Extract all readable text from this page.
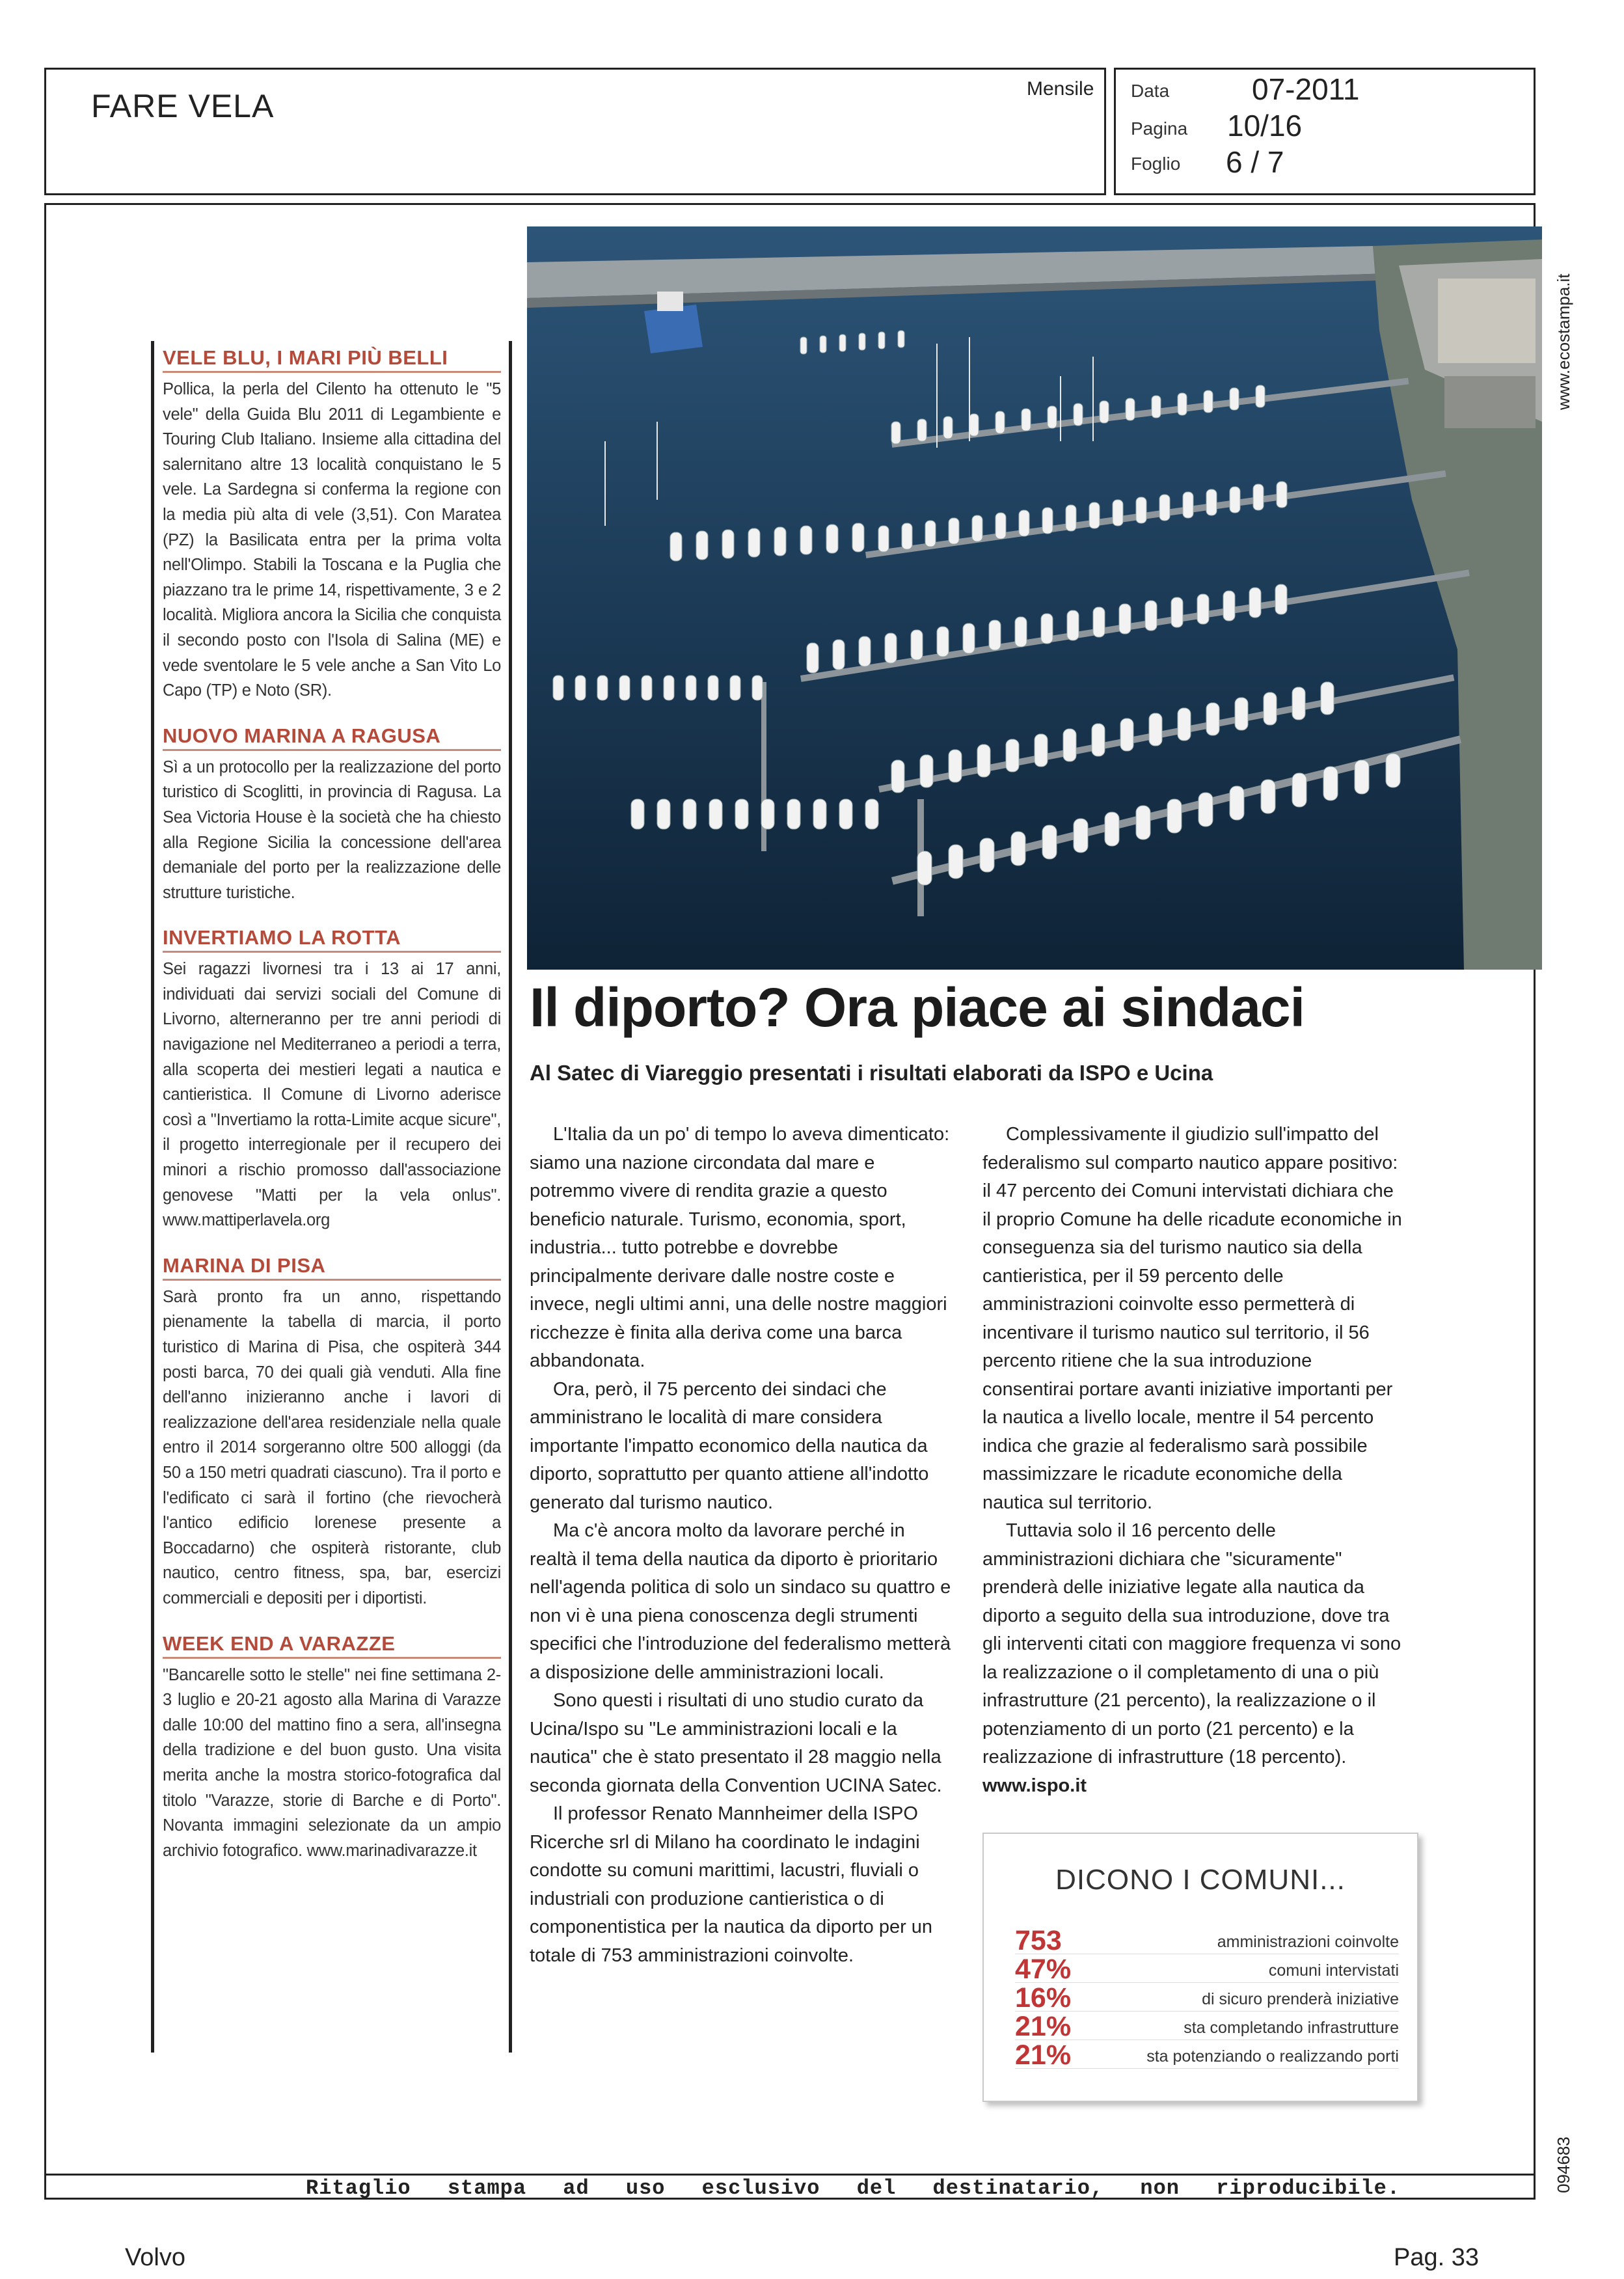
FARE VELA	Mensile Data	07-2011
Pagina 10/16
Foglio 6 / 7
www.ecostampa.it
094683
VELE BLU, I MARI PIÙ BELLI
Pollica, la perla del Cilento ha ottenuto le "5 vele" della Guida Blu 2011 di Legambiente e Touring Club Italiano. Insieme alla cittadina del salernitano altre 13 località conquistano le 5 vele. La Sardegna si conferma la regione con la media più alta di vele (3,51). Con Maratea (PZ) la Basilicata entra per la prima volta nell'Olimpo. Stabili la Toscana e la Puglia che piazzano tra le prime 14, rispettivamente, 3 e 2 località. Migliora ancora la Sicilia che conquista il secondo posto con l'Isola di Salina (ME) e vede sventolare le 5 vele anche a San Vito Lo Capo (TP) e Noto (SR).
NUOVO MARINA A RAGUSA
Sì a un protocollo per la realizzazione del porto turistico di Scoglitti, in provincia di Ragusa. La Sea Victoria House è la società che ha chiesto alla Regione Sicilia la concessione dell'area demaniale del porto per la realizzazione delle strutture turistiche.
INVERTIAMO LA ROTTA
Sei ragazzi livornesi tra i 13 ai 17 anni, individuati dai servizi sociali del Comune di Livorno, alterneranno per tre anni periodi di navigazione nel Mediterraneo a periodi a terra, alla scoperta dei mestieri legati a nautica e cantieristica. Il Comune di Livorno aderisce così a "Invertiamo la rotta-Limite acque sicure", il progetto interregionale per il recupero dei minori a rischio promosso dall'associazione genovese "Matti per la vela onlus". www.mattiperlavela.org
MARINA DI PISA
Sarà pronto fra un anno, rispettando pienamente la tabella di marcia, il porto turistico di Marina di Pisa, che ospiterà 344 posti barca, 70 dei quali già venduti. Alla fine dell'anno inizieranno anche i lavori di realizzazione dell'area residenziale nella quale entro il 2014 sorgeranno oltre 500 alloggi (da 50 a 150 metri quadrati ciascuno). Tra il porto e l'edificato ci sarà il fortino (che rievocherà l'antico edificio lorenese presente a Boccadarno) che ospiterà ristorante, club nautico, centro fitness, spa, bar, esercizi commerciali e depositi per i diportisti.
WEEK END A VARAZZE
"Bancarelle sotto le stelle" nei fine settimana 2-3 luglio e 20-21 agosto alla Marina di Varazze dalle 10:00 del mattino fino a sera, all'insegna della tradizione e del buon gusto. Una visita merita anche la mostra storico-fotografica dal titolo "Varazze, storie di Barche e di Porto". Novanta immagini selezionate da un ampio archivio fotografico. www.marinadivarazze.it
Il diporto? Ora piace ai sindaci
Al Satec di Viareggio presentati i risultati elaborati da ISPO e Ucina

L'Italia da un po' di tempo lo aveva dimenticato: siamo una nazione circondata dal mare e potremmo vivere di rendita grazie a questo beneficio naturale. Turismo, economia, sport, industria... tutto potrebbe e dovrebbe principalmente derivare dalle nostre coste e invece, negli ultimi anni, una delle nostre maggiori ricchezze è finita alla deriva come una barca abbandonata.

Ora, però, il 75 percento dei sindaci che amministrano le località di mare considera importante l'impatto economico della nautica da diporto, soprattutto per quanto attiene all'indotto generato dal turismo nautico.

Ma c'è ancora molto da lavorare perché in realtà il tema della nautica da diporto è prioritario nell'agenda politica di solo un sindaco su quattro e non vi è una piena conoscenza degli strumenti specifici che l'introduzione del federalismo metterà a disposizione delle amministrazioni locali.

Sono questi i risultati di uno studio curato da Ucina/Ispo su "Le amministrazioni locali e la nautica" che è stato presentato il 28 maggio nella seconda giornata della Convention UCINA Satec.

Il professor Renato Mannheimer della ISPO Ricerche srl di Milano ha coordinato le indagini condotte su comuni marittimi, lacustri, fluviali o industriali con produzione cantieristica o di componentistica per la nautica da diporto per un totale di 753 amministrazioni coinvolte.

Complessivamente il giudizio sull'impatto del federalismo sul comparto nautico appare positivo: il 47 percento dei Comuni intervistati dichiara che il proprio Comune ha delle ricadute economiche in conseguenza sia del turismo nautico sia della cantieristica, per il 59 percento delle amministrazioni coinvolte esso permetterà di incentivare il turismo nautico sul territorio, il 56 percento ritiene che la sua introduzione consentirai portare avanti iniziative importanti per la nautica a livello locale, mentre il 54 percento indica che grazie al federalismo sarà possibile massimizzare le ricadute economiche della nautica sul territorio.

Tuttavia solo il 16 percento delle amministrazioni dichiara che "sicuramente" prenderà delle iniziative legate alla nautica da diporto a seguito della sua introduzione, dove tra gli interventi citati con maggiore frequenza vi sono la realizzazione o il completamento di una o più infrastrutture (21 percento), la realizzazione o il potenziamento di un porto (21 percento) e la realizzazione di infrastrutture (18 percento).

www.ispo.it

DICONO I COMUNI...
753	amministrazioni coinvolte
47%	comuni intervistati
16%	di sicuro prenderà iniziative
21%	sta completando infrastrutture
21%	sta potenziando o realizzando porti
Ritaglio stampa ad uso esclusivo del destinatario, non riproducibile.
Volvo	Pag. 33
